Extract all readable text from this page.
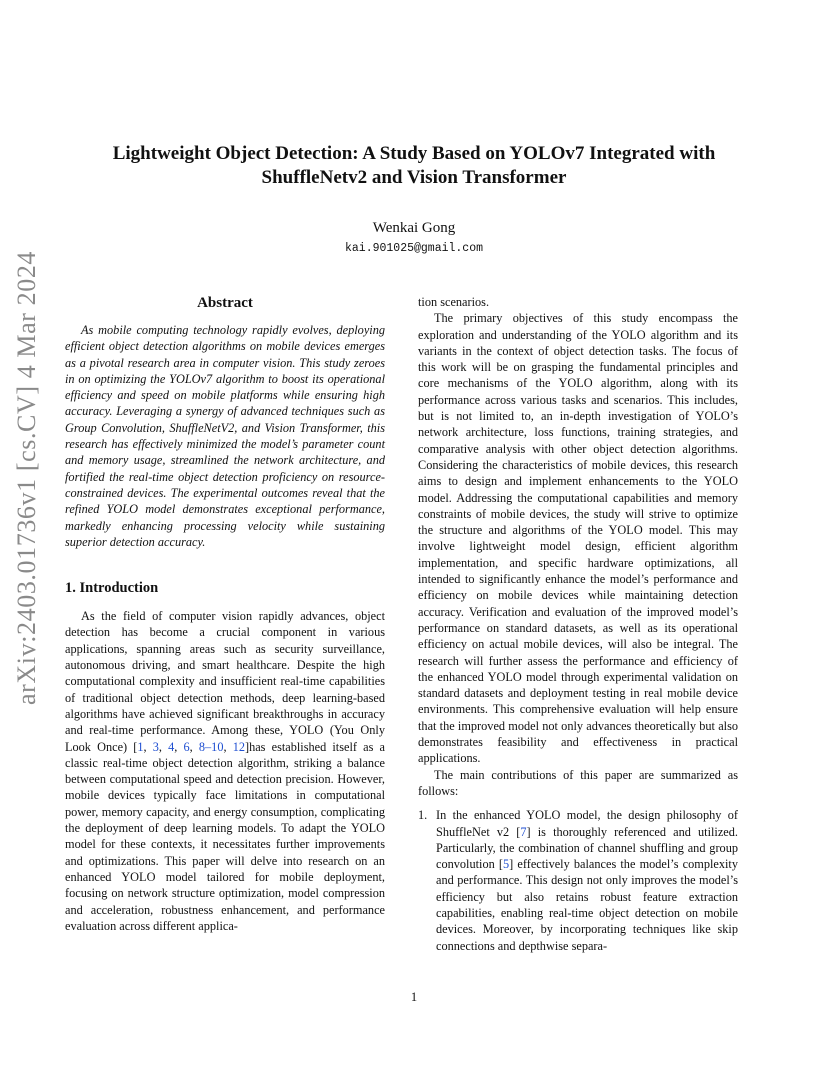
arXiv:2403.01736v1 [cs.CV] 4 Mar 2024
Lightweight Object Detection: A Study Based on YOLOv7 Integrated with ShuffleNetv2 and Vision Transformer
Wenkai Gong
kai.901025@gmail.com
Abstract

As mobile computing technology rapidly evolves, deploying efficient object detection algorithms on mobile devices emerges as a pivotal research area in computer vision. This study zeroes in on optimizing the YOLOv7 algorithm to boost its operational efficiency and speed on mobile platforms while ensuring high accuracy. Leveraging a synergy of advanced techniques such as Group Convolution, ShuffleNetV2, and Vision Transformer, this research has effectively minimized the model’s parameter count and memory usage, streamlined the network architecture, and fortified the real-time object detection proficiency on resource-constrained devices. The experimental outcomes reveal that the refined YOLO model demonstrates exceptional performance, markedly enhancing processing velocity while sustaining superior detection accuracy.

1. Introduction

As the field of computer vision rapidly advances, object detection has become a crucial component in various applications, spanning areas such as security surveillance, autonomous driving, and smart healthcare. Despite the high computational complexity and insufficient real-time capabilities of traditional object detection methods, deep learning-based algorithms have achieved significant breakthroughs in accuracy and real-time performance. Among these, YOLO (You Only Look Once) [1, 3, 4, 6, 8–10, 12]has established itself as a classic real-time object detection algorithm, striking a balance between computational speed and detection precision. However, mobile devices typically face limitations in computational power, memory capacity, and energy consumption, complicating the deployment of deep learning models. To adapt the YOLO model for these contexts, it necessitates further improvements and optimizations. This paper will delve into research on an enhanced YOLO model tailored for mobile deployment, focusing on network structure optimization, model compression and acceleration, robustness enhancement, and performance evaluation across different applica-

tion scenarios.

The primary objectives of this study encompass the exploration and understanding of the YOLO algorithm and its variants in the context of object detection tasks. The focus of this work will be on grasping the fundamental principles and core mechanisms of the YOLO algorithm, along with its performance across various tasks and scenarios. This includes, but is not limited to, an in-depth investigation of YOLO’s network architecture, loss functions, training strategies, and comparative analysis with other object detection algorithms. Considering the characteristics of mobile devices, this research aims to design and implement enhancements to the YOLO model. Addressing the computational capabilities and memory constraints of mobile devices, the study will strive to optimize the structure and algorithms of the YOLO model. This may involve lightweight model design, efficient algorithm implementation, and specific hardware optimizations, all intended to significantly enhance the model’s performance and efficiency on mobile devices while maintaining detection accuracy. Verification and evaluation of the improved model’s performance on standard datasets, as well as its operational efficiency on actual mobile devices, will also be integral. The research will further assess the performance and efficiency of the enhanced YOLO model through experimental validation on standard datasets and deployment testing in real mobile device environments. This comprehensive evaluation will help ensure that the improved model not only advances theoretically but also demonstrates feasibility and effectiveness in practical applications.

The main contributions of this paper are summarized as follows:

1. In the enhanced YOLO model, the design philosophy of ShuffleNet v2 [7] is thoroughly referenced and utilized. Particularly, the combination of channel shuffling and group convolution [5] effectively balances the model’s complexity and performance. This design not only improves the model’s efficiency but also retains robust feature extraction capabilities, enabling real-time object detection on mobile devices. Moreover, by incorporating techniques like skip connections and depthwise separa-
1
